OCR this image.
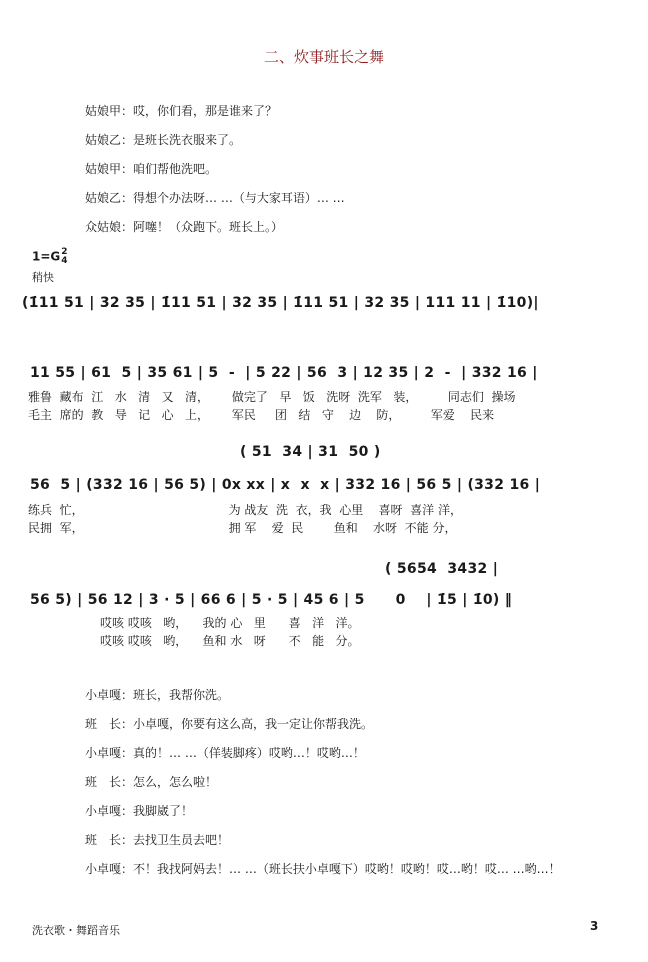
二、炊事班长之舞
姑娘甲：哎，你们看，那是谁来了？
姑娘乙：是班长洗衣服来了。
姑娘甲：咱们帮他洗吧。
姑娘乙：得想个办法呀… …（与大家耳语）… …
众姑娘：阿噻！（众跑下。班长上。）
1=G2
4
稍快
(1̇11 51 | 32 35 | 1̇11 51 | 32 35 | 1̇11 51 | 32 35 | 111 11 | 1̇10)|
11 55 | 61  5 | 35 61 | 5  -  | 5 22 | 56  3 | 12 35 | 2  -  | 332 16 |
雅鲁  藏布  江   水   清   又   清，      做完了   早   饭   洗呀  洗军   装，        同志们  操场
毛主  席的  教   导   记   心   上，      军民     团   结   守    边    防，        军爱    民来
( 51  34 | 31  50 )
56  5 | (332 16 | 56 5) | 0x xx | x  x  x | 332 16 | 56 5 | (332 16 |
练兵  忙，                                      为 战友  洗  衣，我  心里    喜呀  喜洋 洋，
民拥  军，                                      拥 军    爱  民        鱼和    水呀  不能 分，
( 5654  3432 |
56 5) | 56 12 | 3 · 5 | 66 6 | 5 · 5 | 45 6 | 5      0    | 1̇5 | 1̇0) ‖
哎咳 哎咳   哟，    我的 心   里      喜   洋   洋。
哎咳 哎咳   哟，    鱼和 水   呀      不   能   分。
小卓嘎：班长，我帮你洗。
班　长：小卓嘎，你要有这么高，我一定让你帮我洗。
小卓嘎：真的！… …（佯装脚疼）哎哟…！哎哟…！
班　长：怎么，怎么啦！
小卓嘎：我脚崴了！
班　长：去找卫生员去吧！
小卓嘎：不！我找阿妈去！… …（班长扶小卓嘎下）哎哟！哎哟！哎…哟！哎… …哟…！
洗衣歌・舞蹈音乐	3
